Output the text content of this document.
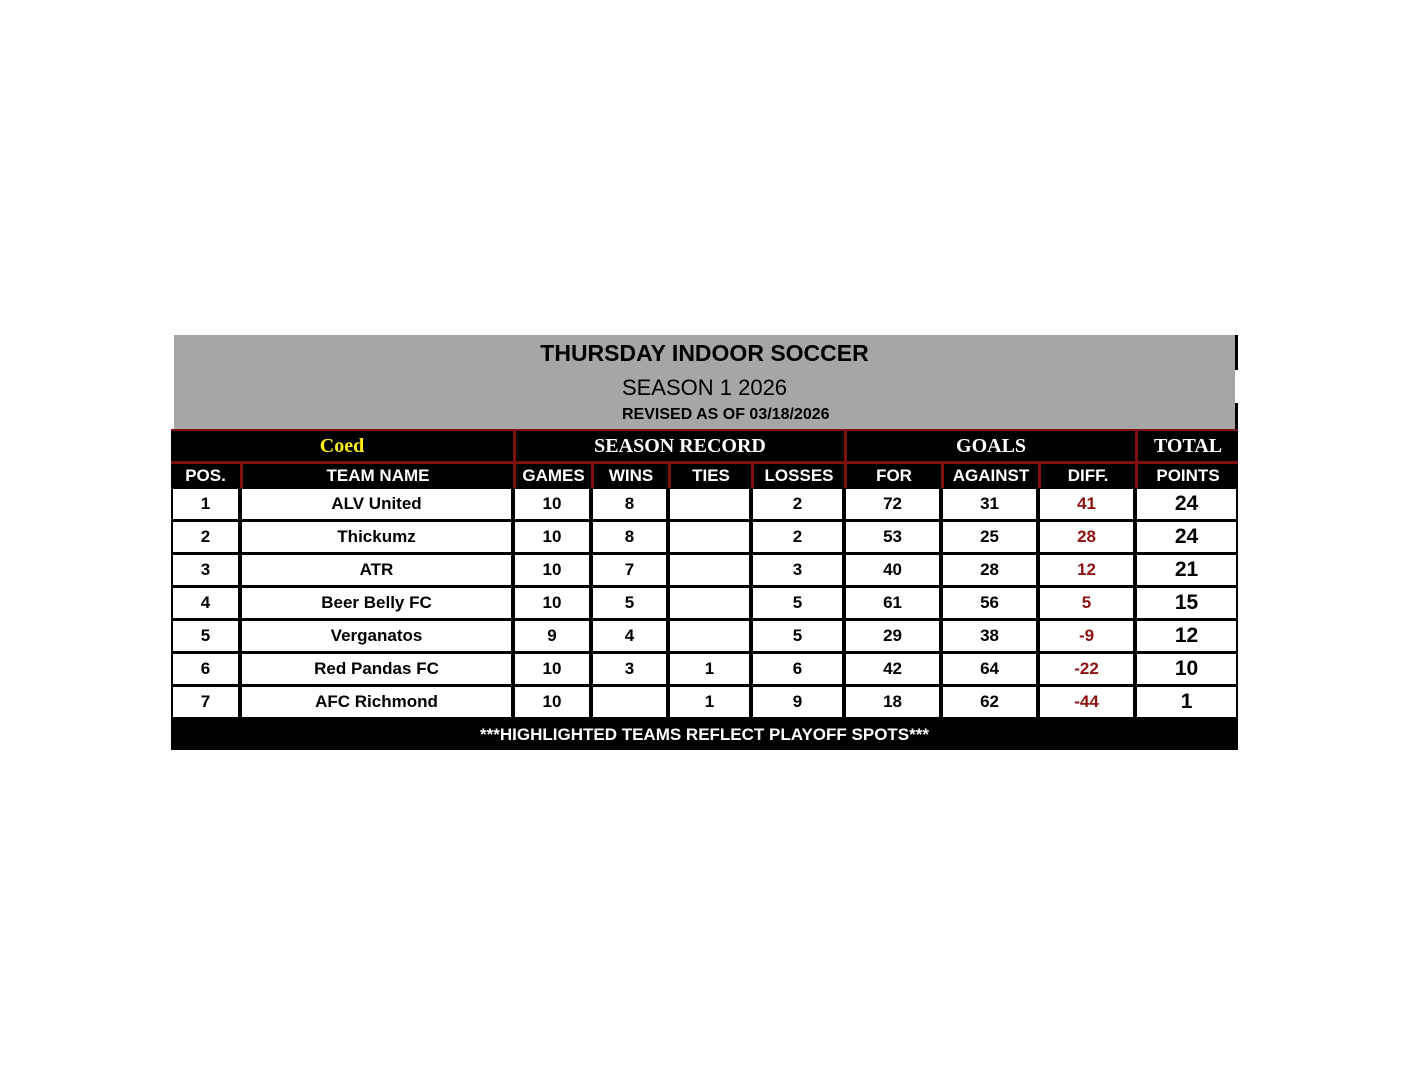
THURSDAY INDOOR SOCCER
SEASON 1 2026
REVISED AS OF 03/18/2026
Coed		SEASON RECORD				GOALS			TOTAL
POS.	TEAM NAME	GAMES	WINS	TIES	LOSSES	FOR	AGAINST	DIFF.	POINTS
1	ALV United	10	8		2	72	31	41	24
2	Thickumz	10	8		2	53	25	28	24
3	ATR	10	7		3	40	28	12	21
4	Beer Belly FC	10	5		5	61	56	5	15
5	Verganatos	9	4		5	29	38	-9	12
6	Red Pandas FC	10	3	1	6	42	64	-22	10
7	AFC Richmond	10		1	9	18	62	-44	1
***HIGHLIGHTED TEAMS REFLECT PLAYOFF SPOTS***									
